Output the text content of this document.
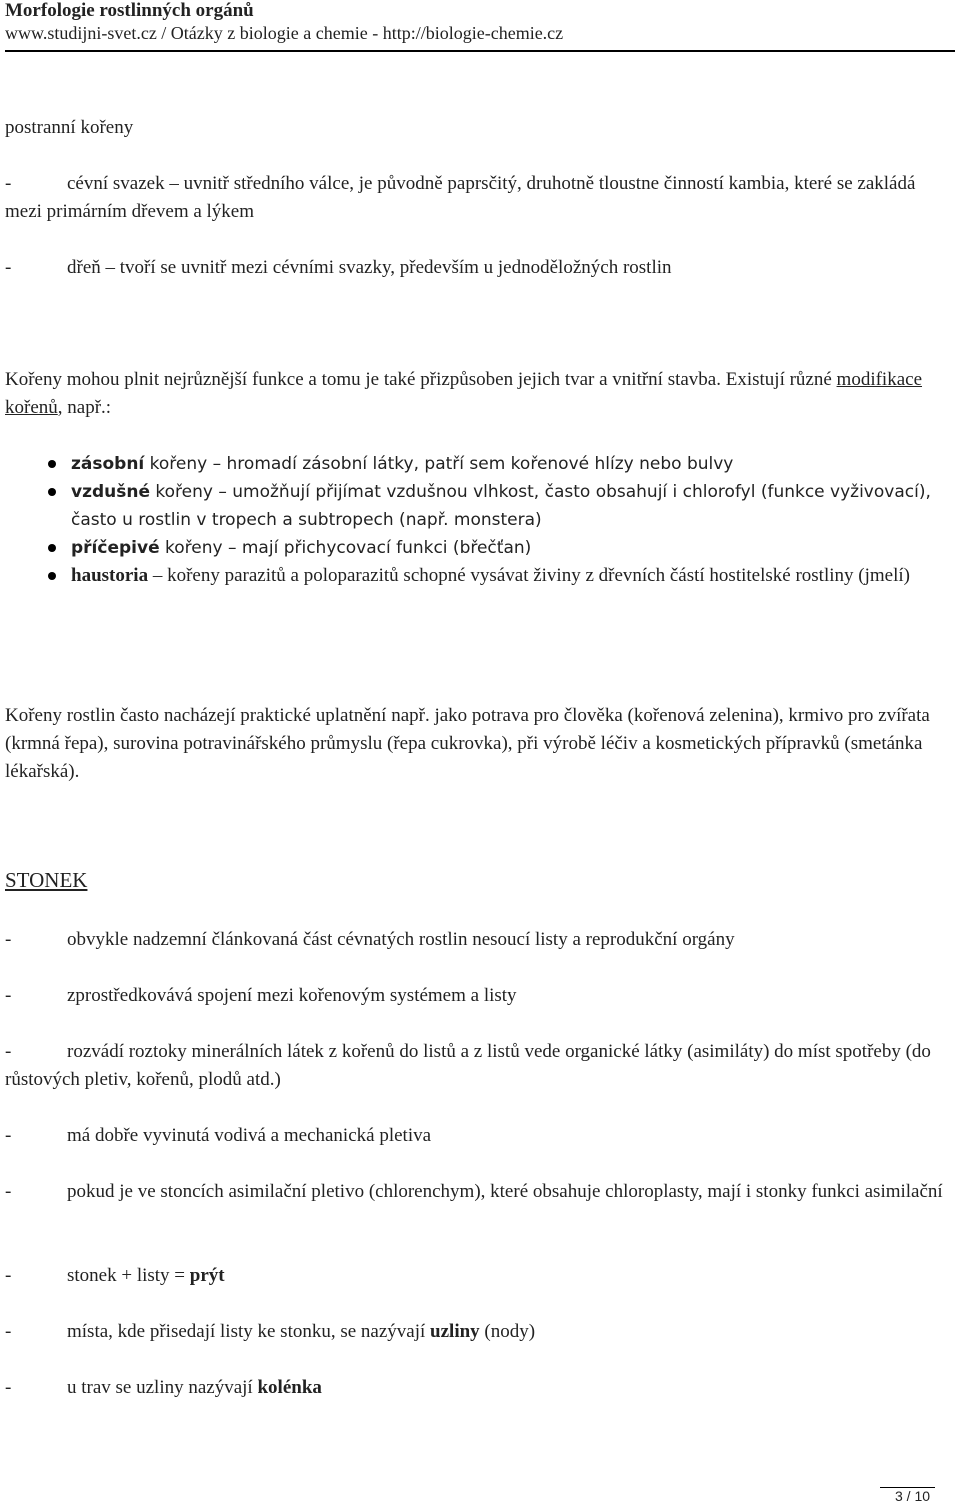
Morfologie rostlinných orgánů
www.studijni-svet.cz / Otázky z biologie a chemie - http://biologie-chemie.cz
postranní kořeny
-	cévní svazek – uvnitř středního válce, je původně paprsčitý, druhotně tloustne činností kambia, které se zakládá mezi primárním dřevem a lýkem
-	dřeň – tvoří se uvnitř mezi cévními svazky, především u jednoděložných rostlin
Kořeny mohou plnit nejrůznější funkce a tomu je také přizpůsoben jejich tvar a vnitřní stavba. Existují různé modifikace kořenů, např.:
zásobní kořeny – hromadí zásobní látky, patří sem kořenové hlízy nebo bulvy
vzdušné kořeny – umožňují přijímat vzdušnou vlhkost, často obsahují i chlorofyl (funkce vyživovací), často u rostlin v tropech a subtropech (např. monstera)
příčepivé kořeny – mají přichycovací funkci (břečťan)
haustoria – kořeny parazitů a poloparazitů schopné vysávat živiny z dřevních částí hostitelské rostliny (jmelí)
Kořeny rostlin často nacházejí praktické uplatnění např. jako potrava pro člověka (kořenová zelenina), krmivo pro zvířata (krmná řepa), surovina potravinářského průmyslu (řepa cukrovka), při výrobě léčiv a kosmetických přípravků (smetánka lékařská).
STONEK
-	obvykle nadzemní článkovaná část cévnatých rostlin nesoucí listy a reprodukční orgány
-	zprostředkovává spojení mezi kořenovým systémem a listy
-	rozvádí roztoky minerálních látek z kořenů do listů a z listů vede organické látky (asimiláty) do míst spotřeby (do růstových pletiv, kořenů, plodů atd.)
-	má dobře vyvinutá vodivá a mechanická pletiva
-	pokud je ve stoncích asimilační pletivo (chlorenchym), které obsahuje chloroplasty, mají i stonky funkci asimilační
-	stonek + listy = prýt
-	místa, kde přisedají listy ke stonku, se nazývají uzliny (nody)
-	u trav se uzliny nazývají kolénka
3 / 10
